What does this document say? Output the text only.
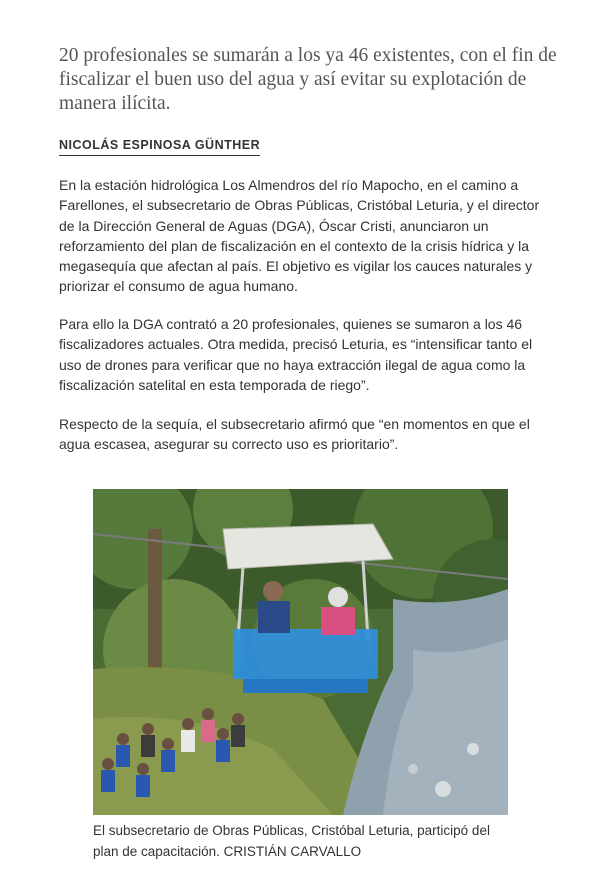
20 profesionales se sumarán a los ya 46 existentes, con el fin de fiscalizar el buen uso del agua y así evitar su explotación de manera ilícita.

NICOLÁS ESPINOSA GÜNTHER

En la estación hidrológica Los Almendros del río Mapocho, en el camino a Farellones, el subsecretario de Obras Públicas, Cristóbal Leturia, y el director de la Dirección General de Aguas (DGA), Óscar Cristi, anunciaron un reforzamiento del plan de fiscalización en el contexto de la crisis hídrica y la megasequía que afectan al país. El objetivo es vigilar los cauces naturales y priorizar el consumo de agua humano.

Para ello la DGA contrató a 20 profesionales, quienes se sumaron a los 46 fiscalizadores actuales. Otra medida, precisó Leturia, es “intensificar tanto el uso de drones para verificar que no haya extracción ilegal de agua como la fiscalización satelital en esta temporada de riego”.

Respecto de la sequía, el subsecretario afirmó que “en momentos en que el agua escasea, asegurar su correcto uso es prioritario”.

El subsecretario de Obras Públicas, Cristóbal Leturia, participó del plan de capacitación. CRISTIÁN CARVALLO
